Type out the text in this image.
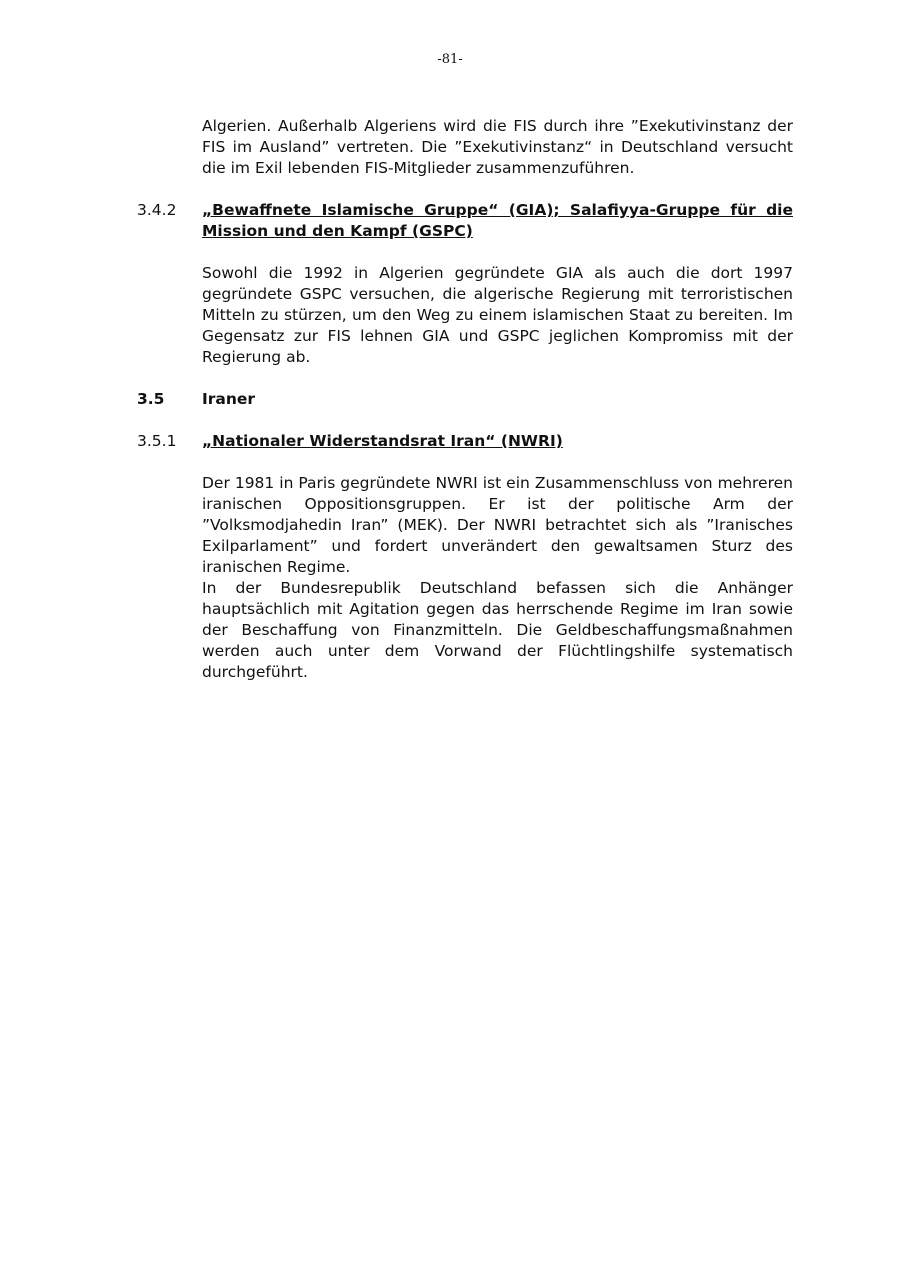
-81-

Algerien. Außerhalb Algeriens wird die FIS durch ihre ”Exekutivinstanz der FIS im Ausland” vertreten. Die ”Exekutivinstanz“ in Deutschland versucht die im Exil lebenden FIS-Mitglieder zusammenzuführen.

3.4.2	„Bewaffnete Islamische Gruppe“ (GIA); Salafiyya-Gruppe für die Mission und den Kampf (GSPC)

Sowohl die 1992 in Algerien gegründete GIA als auch die dort 1997 gegründete GSPC versuchen, die algerische Regierung mit terroristischen Mitteln zu stürzen, um den Weg zu einem islamischen Staat zu bereiten. Im Gegensatz zur FIS lehnen GIA und GSPC jeglichen Kompromiss mit der Regierung ab.

3.5	Iraner
3.5.1	„Nationaler Widerstandsrat Iran“ (NWRI)

Der 1981 in Paris gegründete NWRI ist ein Zusammenschluss von mehreren iranischen Oppositionsgruppen. Er ist der politische Arm der ”Volksmodjahedin Iran” (MEK). Der NWRI betrachtet sich als ”Iranisches Exilparlament” und fordert unverändert den gewaltsamen Sturz des iranischen Regime.

In der Bundesrepublik Deutschland befassen sich die Anhänger hauptsächlich mit Agitation gegen das herrschende Regime im Iran sowie der Beschaffung von Finanzmitteln. Die Geldbeschaffungsmaßnahmen werden auch unter dem Vorwand der Flüchtlingshilfe systematisch durchgeführt.
